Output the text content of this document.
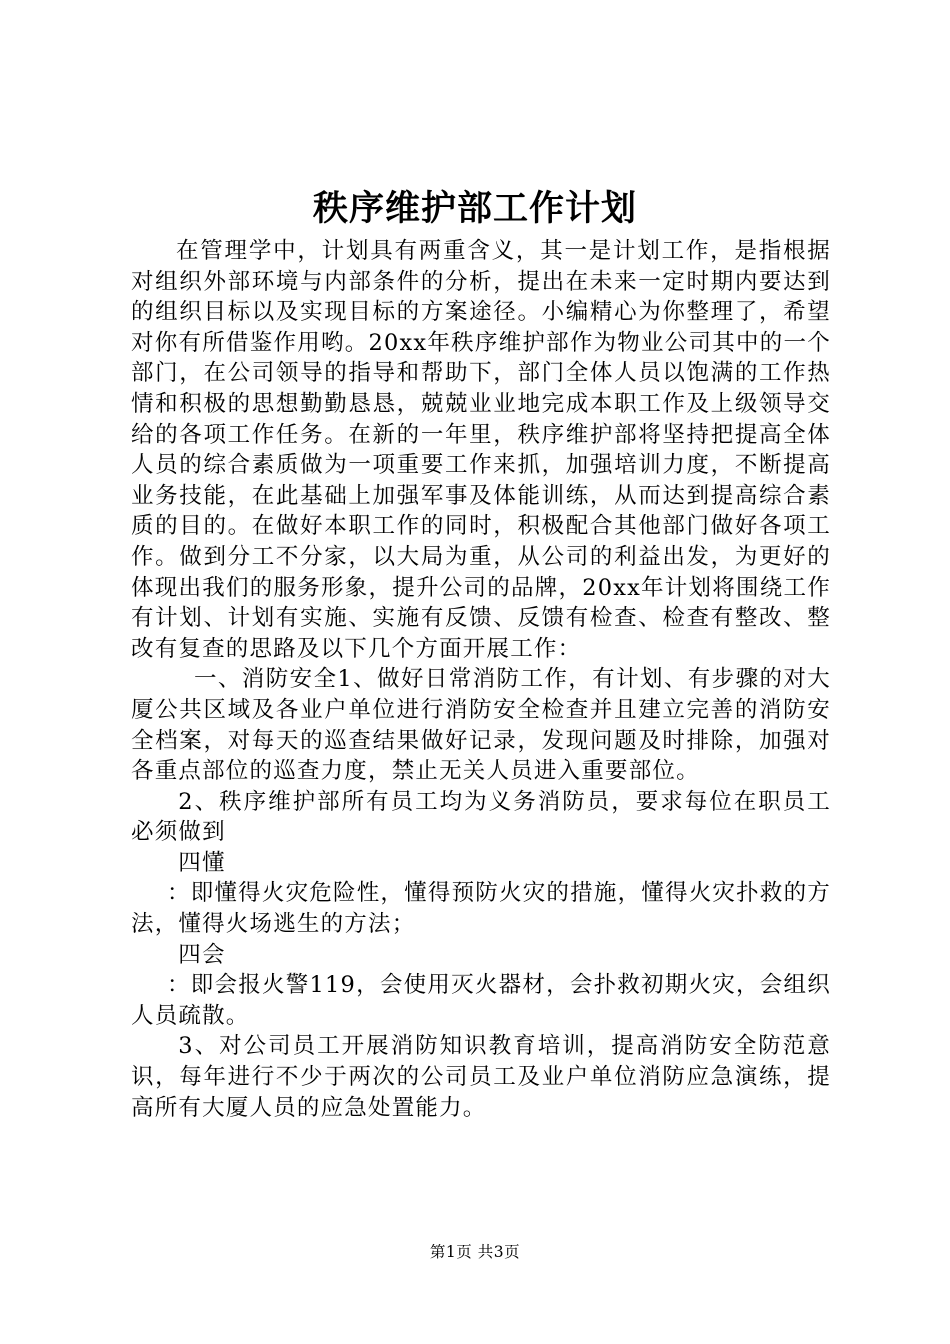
秩序维护部工作计划

在管理学中，计划具有两重含义，其一是计划工作，是指根据对组织外部环境与内部条件的分析，提出在未来一定时期内要达到的组织目标以及实现目标的方案途径。小编精心为你整理了，希望对你有所借鉴作用哟。20xx年秩序维护部作为物业公司其中的一个部门，在公司领导的指导和帮助下，部门全体人员以饱满的工作热情和积极的思想勤勤恳恳，兢兢业业地完成本职工作及上级领导交给的各项工作任务。在新的一年里，秩序维护部将坚持把提高全体人员的综合素质做为一项重要工作来抓，加强培训力度，不断提高业务技能，在此基础上加强军事及体能训练，从而达到提高综合素质的目的。在做好本职工作的同时，积极配合其他部门做好各项工作。做到分工不分家，以大局为重，从公司的利益出发，为更好的体现出我们的服务形象，提升公司的品牌，20xx年计划将围绕工作有计划、计划有实施、实施有反馈、反馈有检查、检查有整改、整改有复查的思路及以下几个方面开展工作：

一、消防安全1、做好日常消防工作，有计划、有步骤的对大厦公共区域及各业户单位进行消防安全检查并且建立完善的消防安全档案，对每天的巡查结果做好记录，发现问题及时排除，加强对各重点部位的巡查力度，禁止无关人员进入重要部位。

2、秩序维护部所有员工均为义务消防员，要求每位在职员工必须做到

四懂

：即懂得火灾危险性，懂得预防火灾的措施，懂得火灾扑救的方法，懂得火场逃生的方法；

四会

：即会报火警119，会使用灭火器材，会扑救初期火灾，会组织人员疏散。

3、对公司员工开展消防知识教育培训，提高消防安全防范意识，每年进行不少于两次的公司员工及业户单位消防应急演练，提高所有大厦人员的应急处置能力。

第1页 共3页
